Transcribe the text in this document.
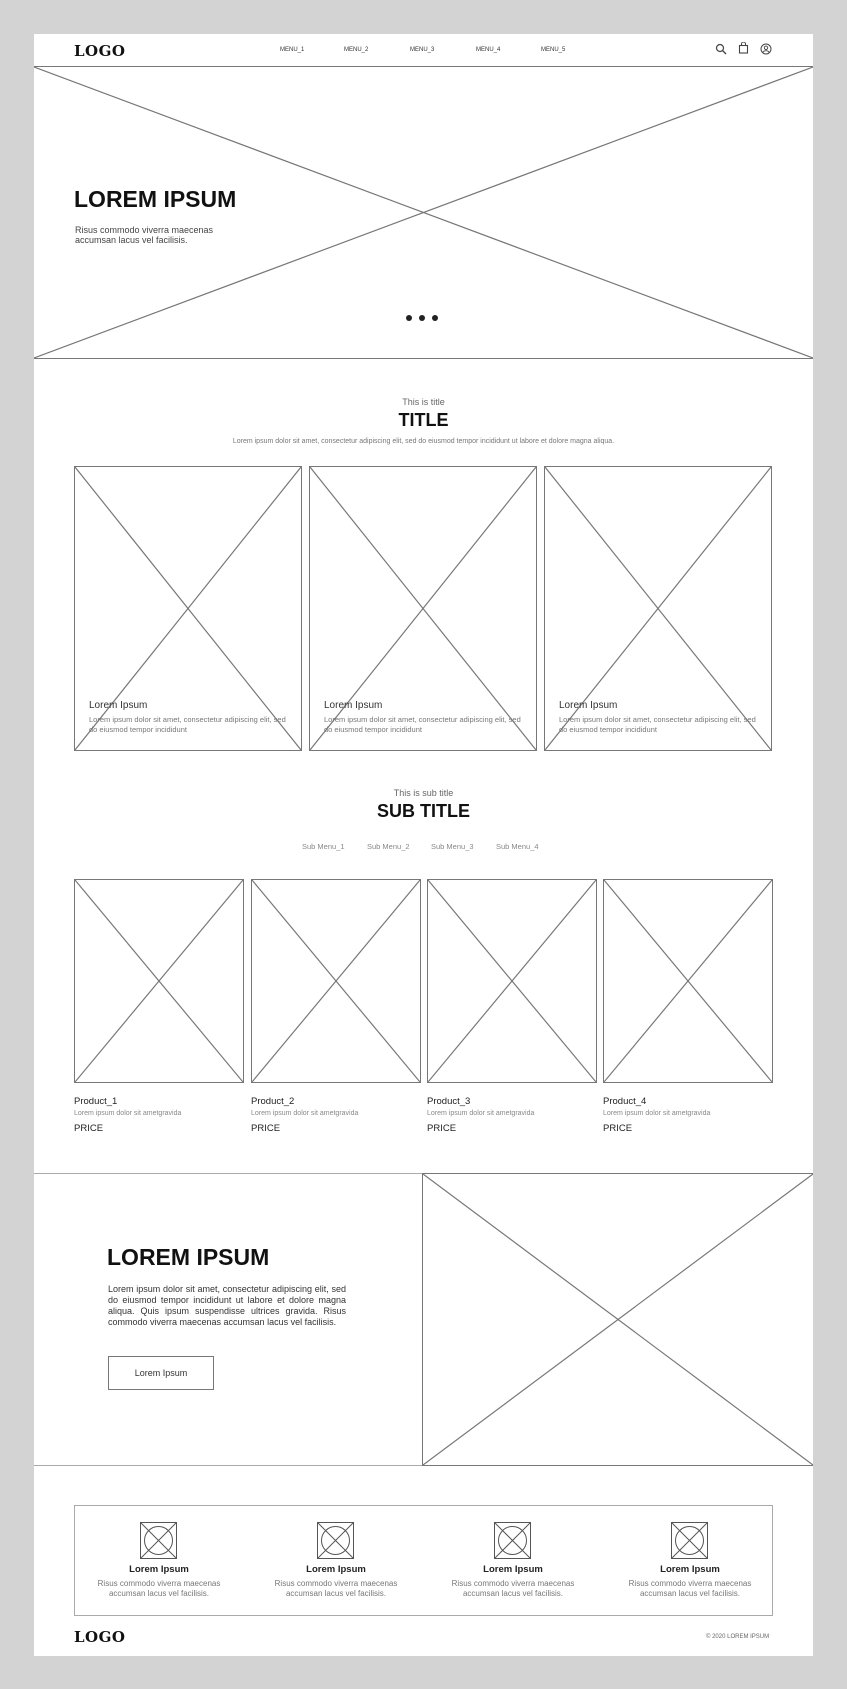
LOGO	MENU_1	MENU_2	MENU_3	MENU_4	MENU_5
LOREM IPSUM
Risus commodo viverra maecenas accumsan lacus vel facilisis.
This is title
TITLE
Lorem ipsum dolor sit amet, consectetur adipiscing elit, sed do eiusmod tempor incididunt ut labore et dolore magna aliqua.
Lorem Ipsum
Lorem ipsum dolor sit amet, consectetur adipiscing elit, sed do eiusmod tempor incididunt
Lorem Ipsum
Lorem ipsum dolor sit amet, consectetur adipiscing elit, sed do eiusmod tempor incididunt
Lorem Ipsum
Lorem ipsum dolor sit amet, consectetur adipiscing elit, sed do eiusmod tempor incididunt
This is sub title
SUB TITLE
Sub Menu_1	Sub Menu_2	Sub Menu_3	Sub Menu_4
Product_1
Lorem ipsum dolor sit ametgravida
PRICE
Product_2
Lorem ipsum dolor sit ametgravida
PRICE
Product_3
Lorem ipsum dolor sit ametgravida
PRICE
Product_4
Lorem ipsum dolor sit ametgravida
PRICE
LOREM IPSUM
Lorem ipsum dolor sit amet, consectetur adipiscing elit, sed do eiusmod tempor incididunt ut labore et dolore magna aliqua. Quis ipsum suspendisse ultrices gravida. Risus commodo viverra maecenas accumsan lacus vel facilisis.
Lorem Ipsum
Lorem Ipsum
Risus commodo viverra maecenas accumsan lacus vel facilisis.
Lorem Ipsum
Risus commodo viverra maecenas accumsan lacus vel facilisis.
Lorem Ipsum
Risus commodo viverra maecenas accumsan lacus vel facilisis.
Lorem Ipsum
Risus commodo viverra maecenas accumsan lacus vel facilisis.
LOGO	© 2020 LOREM IPSUM
